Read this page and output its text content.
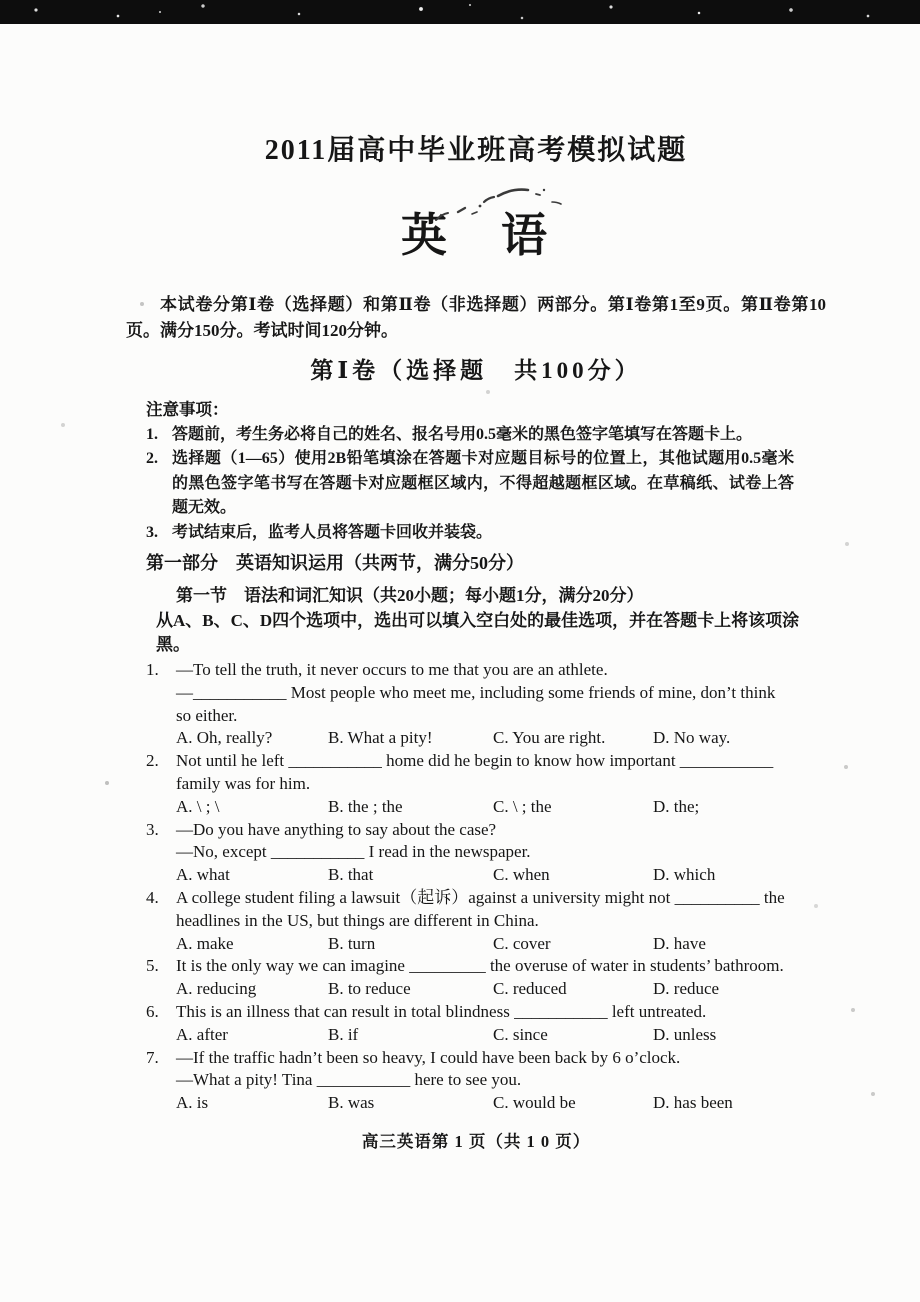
2011届高中毕业班高考模拟试题
英　语

本试卷分第Ⅰ卷（选择题）和第Ⅱ卷（非选择题）两部分。第Ⅰ卷第1至9页。第Ⅱ卷第10页。满分150分。考试时间120分钟。

第Ⅰ卷（选择题　共100分）
注意事项：
1. 答题前，考生务必将自己的姓名、报名号用0.5毫米的黑色签字笔填写在答题卡上。
2. 选择题（1—65）使用2B铅笔填涂在答题卡对应题目标号的位置上，其他试题用0.5毫米的黑色签字笔书写在答题卡对应题框区域内，不得超越题框区域。在草稿纸、试卷上答题无效。
3. 考试结束后，监考人员将答题卡回收并装袋。
第一部分　英语知识运用（共两节，满分50分）
第一节　语法和词汇知识（共20小题；每小题1分，满分20分）
从A、B、C、D四个选项中，选出可以填入空白处的最佳选项，并在答题卡上将该项涂黑。
1.	—To tell the truth, it never occurs to me that you are an athlete.
—___________ Most people who meet me, including some friends of mine, don’t think
so either.
A. Oh, really?	B. What a pity!	C. You are right.	D. No way.
2.	Not until he left ___________ home did he begin to know how important ___________
family was for him.
A. \ ; \	B. the ; the	C. \ ; the	D. the;
3.	—Do you have anything to say about the case?
—No, except ___________ I read in the newspaper.
A. what	B. that	C. when	D. which
4.	A college student filing a lawsuit（起诉）against a university might not __________ the
headlines in the US, but things are different in China.
A. make	B. turn	C. cover	D. have
5.	It is the only way we can imagine _________ the overuse of water in students’ bathroom.
A. reducing	B. to reduce	C. reduced	D. reduce
6.	This is an illness that can result in total blindness ___________ left untreated.
A. after	B. if	C. since	D. unless
7.	—If the traffic hadn’t been so heavy, I could have been back by 6 o’clock.
—What a pity! Tina ___________ here to see you.
A. is	B. was	C. would be	D. has been
高三英语第 1 页（共 1 0 页）
